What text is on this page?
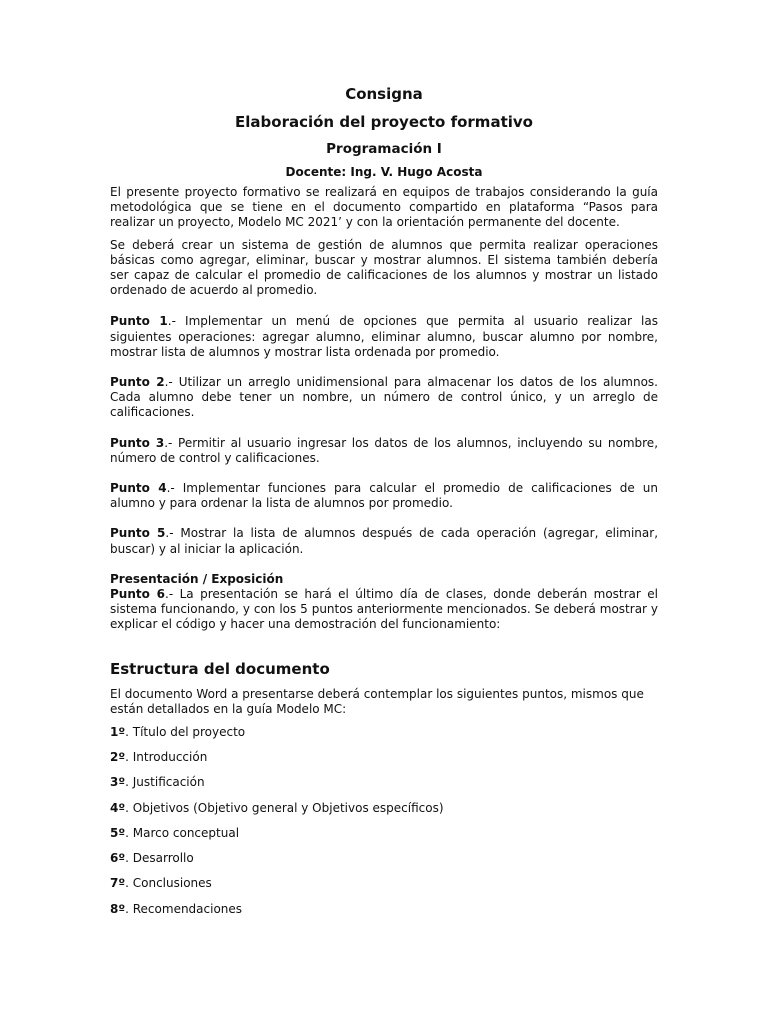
Consigna
Elaboración del proyecto formativo
Programación I
Docente: Ing. V. Hugo Acosta

El presente proyecto formativo se realizará en equipos de trabajos considerando la guía metodológica que se tiene en el documento compartido en plataforma “Pasos para realizar un proyecto, Modelo MC 2021’ y con la orientación permanente del docente.

Se deberá crear un sistema de gestión de alumnos que permita realizar operaciones básicas como agregar, eliminar, buscar y mostrar alumnos. El sistema también debería ser capaz de calcular el promedio de calificaciones de los alumnos y mostrar un listado ordenado de acuerdo al promedio.

Punto 1.- Implementar un menú de opciones que permita al usuario realizar las siguientes operaciones: agregar alumno, eliminar alumno, buscar alumno por nombre, mostrar lista de alumnos y mostrar lista ordenada por promedio.

Punto 2.- Utilizar un arreglo unidimensional para almacenar los datos de los alumnos. Cada alumno debe tener un nombre, un número de control único, y un arreglo de calificaciones.

Punto 3.- Permitir al usuario ingresar los datos de los alumnos, incluyendo su nombre, número de control y calificaciones.

Punto 4.- Implementar funciones para calcular el promedio de calificaciones de un alumno y para ordenar la lista de alumnos por promedio.

Punto 5.- Mostrar la lista de alumnos después de cada operación (agregar, eliminar, buscar) y al iniciar la aplicación.

Presentación / Exposición

Punto 6.- La presentación se hará el último día de clases, donde deberán mostrar el sistema funcionando, y con los 5 puntos anteriormente mencionados. Se deberá mostrar y explicar el código y hacer una demostración del funcionamiento:

Estructura del documento

El documento Word a presentarse deberá contemplar los siguientes puntos, mismos que están detallados en la guía Modelo MC:

1º. Título del proyecto
2º. Introducción
3º. Justificación
4º. Objetivos (Objetivo general y Objetivos específicos)
5º. Marco conceptual
6º. Desarrollo
7º. Conclusiones
8º. Recomendaciones
